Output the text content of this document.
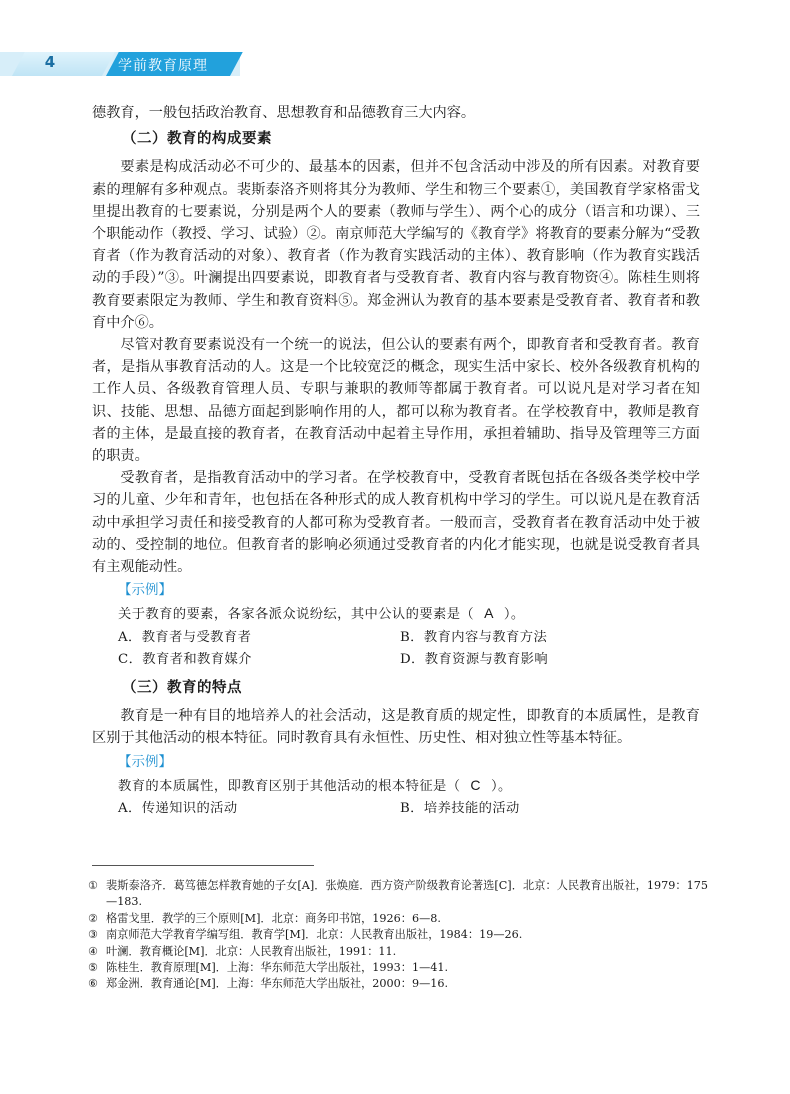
4	学前教育原理

德教育，一般包括政治教育、思想教育和品德教育三大内容。

（二）教育的构成要素

要素是构成活动必不可少的、最基本的因素，但并不包含活动中涉及的所有因素。对教育要素的理解有多种观点。裴斯泰洛齐则将其分为教师、学生和物三个要素①，美国教育学家格雷戈里提出教育的七要素说，分别是两个人的要素（教师与学生）、两个心的成分（语言和功课）、三个职能动作（教授、学习、试验）②。南京师范大学编写的《教育学》将教育的要素分解为“受教育者（作为教育活动的对象）、教育者（作为教育实践活动的主体）、教育影响（作为教育实践活动的手段）”③。叶澜提出四要素说，即教育者与受教育者、教育内容与教育物资④。陈桂生则将教育要素限定为教师、学生和教育资料⑤。郑金洲认为教育的基本要素是受教育者、教育者和教育中介⑥。

尽管对教育要素说没有一个统一的说法，但公认的要素有两个，即教育者和受教育者。教育者，是指从事教育活动的人。这是一个比较宽泛的概念，现实生活中家长、校外各级教育机构的工作人员、各级教育管理人员、专职与兼职的教师等都属于教育者。可以说凡是对学习者在知识、技能、思想、品德方面起到影响作用的人，都可以称为教育者。在学校教育中，教师是教育者的主体，是最直接的教育者，在教育活动中起着主导作用，承担着辅助、指导及管理等三方面的职责。

受教育者，是指教育活动中的学习者。在学校教育中，受教育者既包括在各级各类学校中学习的儿童、少年和青年，也包括在各种形式的成人教育机构中学习的学生。可以说凡是在教育活动中承担学习责任和接受教育的人都可称为受教育者。一般而言，受教育者在教育活动中处于被动的、受控制的地位。但教育者的影响必须通过受教育者的内化才能实现，也就是说受教育者具有主观能动性。

【示例】

关于教育的要素，各家各派众说纷纭，其中公认的要素是（ A ）。

A．教育者与受教育者	B．教育内容与教育方法
C．教育者和教育媒介	D．教育资源与教育影响

（三）教育的特点

教育是一种有目的地培养人的社会活动，这是教育质的规定性，即教育的本质属性，是教育区别于其他活动的根本特征。同时教育具有永恒性、历史性、相对独立性等基本特征。

【示例】

教育的本质属性，即教育区别于其他活动的根本特征是（ C ）。

A．传递知识的活动	B．培养技能的活动
① 裴斯泰洛齐．葛笃德怎样教育她的子女[A]．张焕庭．西方资产阶级教育论著选[C]．北京：人民教育出版社，1979：175—183.
② 格雷戈里．教学的三个原则[M]．北京：商务印书馆，1926：6—8.
③ 南京师范大学教育学编写组．教育学[M]．北京：人民教育出版社，1984：19—26.
④ 叶澜．教育概论[M]．北京：人民教育出版社，1991：11.
⑤ 陈桂生．教育原理[M]．上海：华东师范大学出版社，1993：1—41.
⑥ 郑金洲．教育通论[M]．上海：华东师范大学出版社，2000：9—16.
